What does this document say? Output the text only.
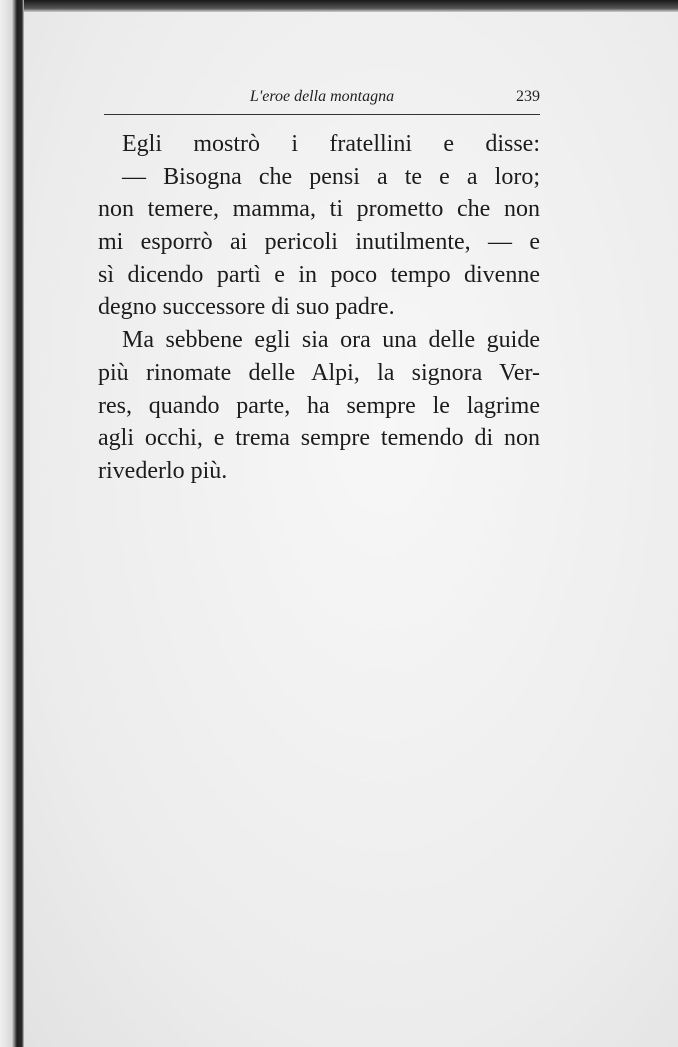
L'eroe della montagna	239
Egli mostrò i fratellini e disse:
— Bisogna che pensi a te e a loro;
non temere, mamma, ti prometto che non
mi esporrò ai pericoli inutilmente, — e
sì dicendo partì e in poco tempo divenne
degno successore di suo padre.
Ma sebbene egli sia ora una delle guide
più rinomate delle Alpi, la signora Ver-
res, quando parte, ha sempre le lagrime
agli occhi, e trema sempre temendo di non
rivederlo più.
